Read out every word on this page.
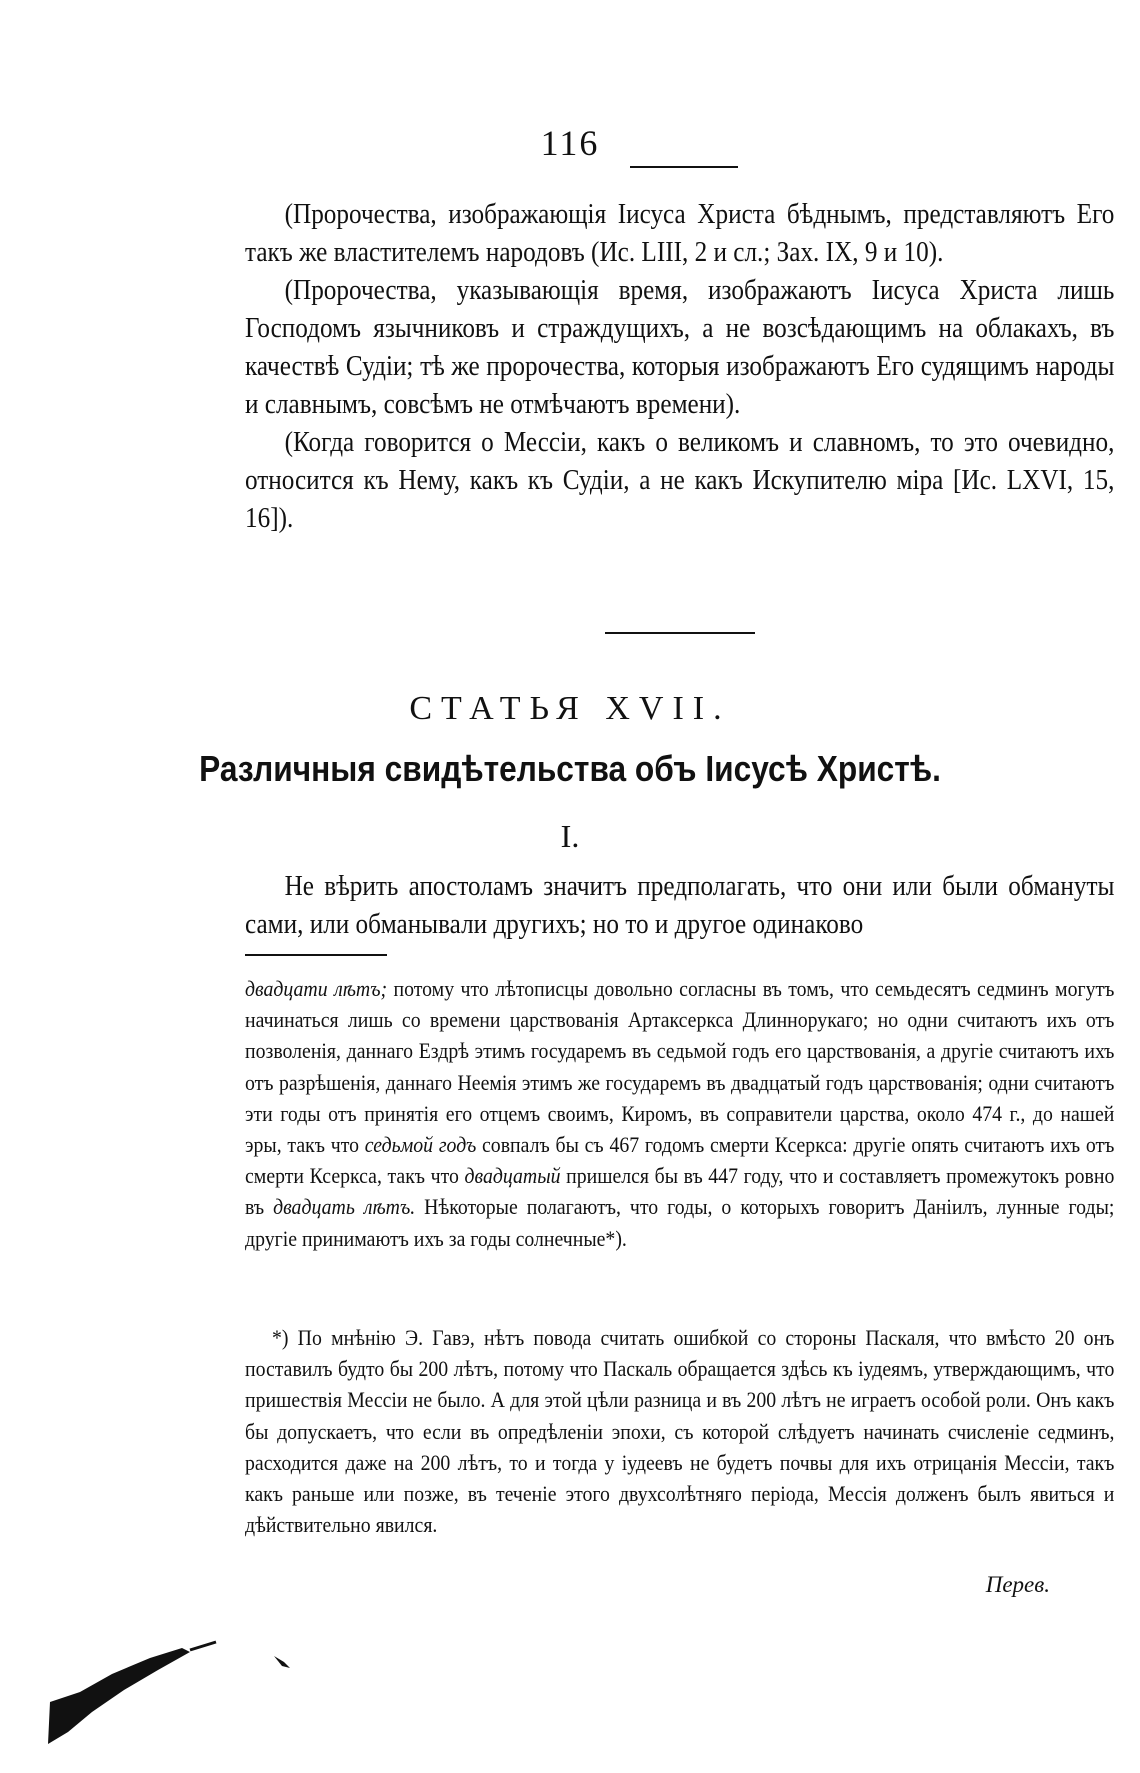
116

(Пророчества, изображающія Іисуса Христа бѣднымъ, представляютъ Его такъ же властителемъ народовъ (Ис. LIII, 2 и сл.; Зах. IX, 9 и 10).

(Пророчества, указывающія время, изображаютъ Іисуса Христа лишь Господомъ язычниковъ и страждущихъ, а не возсѣдающимъ на облакахъ, въ качествѣ Судіи; тѣ же пророчества, которыя изображаютъ Его судящимъ народы и славнымъ, совсѣмъ не отмѣчаютъ времени).

(Когда говорится о Мессіи, какъ о великомъ и славномъ, то это очевидно, относится къ Нему, какъ къ Судіи, а не какъ Искупителю міра [Ис. LXVI, 15, 16]).

СТАТЬЯ XVII.
Различныя свидѣтельства объ Іисусѣ Христѣ.
I.

Не вѣрить апостоламъ значитъ предполагать, что они или были обмануты сами, или обманывали другихъ; но то и другое одинаково

двадцати лѣтъ; потому что лѣтописцы довольно согласны въ томъ, что семьдесятъ седминъ могутъ начинаться лишь со времени царствованія Артаксеркса Длиннорукаго; но одни считаютъ ихъ отъ позволенія, даннаго Ездрѣ этимъ государемъ въ седьмой годъ его царствованія, а другіе считаютъ ихъ отъ разрѣшенія, даннаго Неемія этимъ же государемъ въ двадцатый годъ царствованія; одни считаютъ эти годы отъ принятія его отцемъ своимъ, Киромъ, въ соправители царства, около 474 г., до нашей эры, такъ что седьмой годъ совпалъ бы съ 467 годомъ смерти Ксеркса: другіе опять считаютъ ихъ отъ смерти Ксеркса, такъ что двадцатый пришелся бы въ 447 году, что и составляетъ промежутокъ ровно въ двадцать лѣтъ. Нѣкоторые полагаютъ, что годы, о которыхъ говоритъ Даніилъ, лунные годы; другіе принимаютъ ихъ за годы солнечные*).

*) По мнѣнію Э. Гавэ, нѣтъ повода считать ошибкой со стороны Паскаля, что вмѣсто 20 онъ поставилъ будто бы 200 лѣтъ, потому что Паскаль обращается здѣсь къ іудеямъ, утверждающимъ, что пришествія Мессіи не было. А для этой цѣли разница и въ 200 лѣтъ не играетъ особой роли. Онъ какъ бы допускаетъ, что если въ опредѣленіи эпохи, съ которой слѣдуетъ начинать счисленіе седминъ, расходится даже на 200 лѣтъ, то и тогда у іудеевъ не будетъ почвы для ихъ отрицанія Мессіи, такъ какъ раньше или позже, въ теченіе этого двухсолѣтняго періода, Мессія долженъ былъ явиться и дѣйствительно явился.

Перев.
